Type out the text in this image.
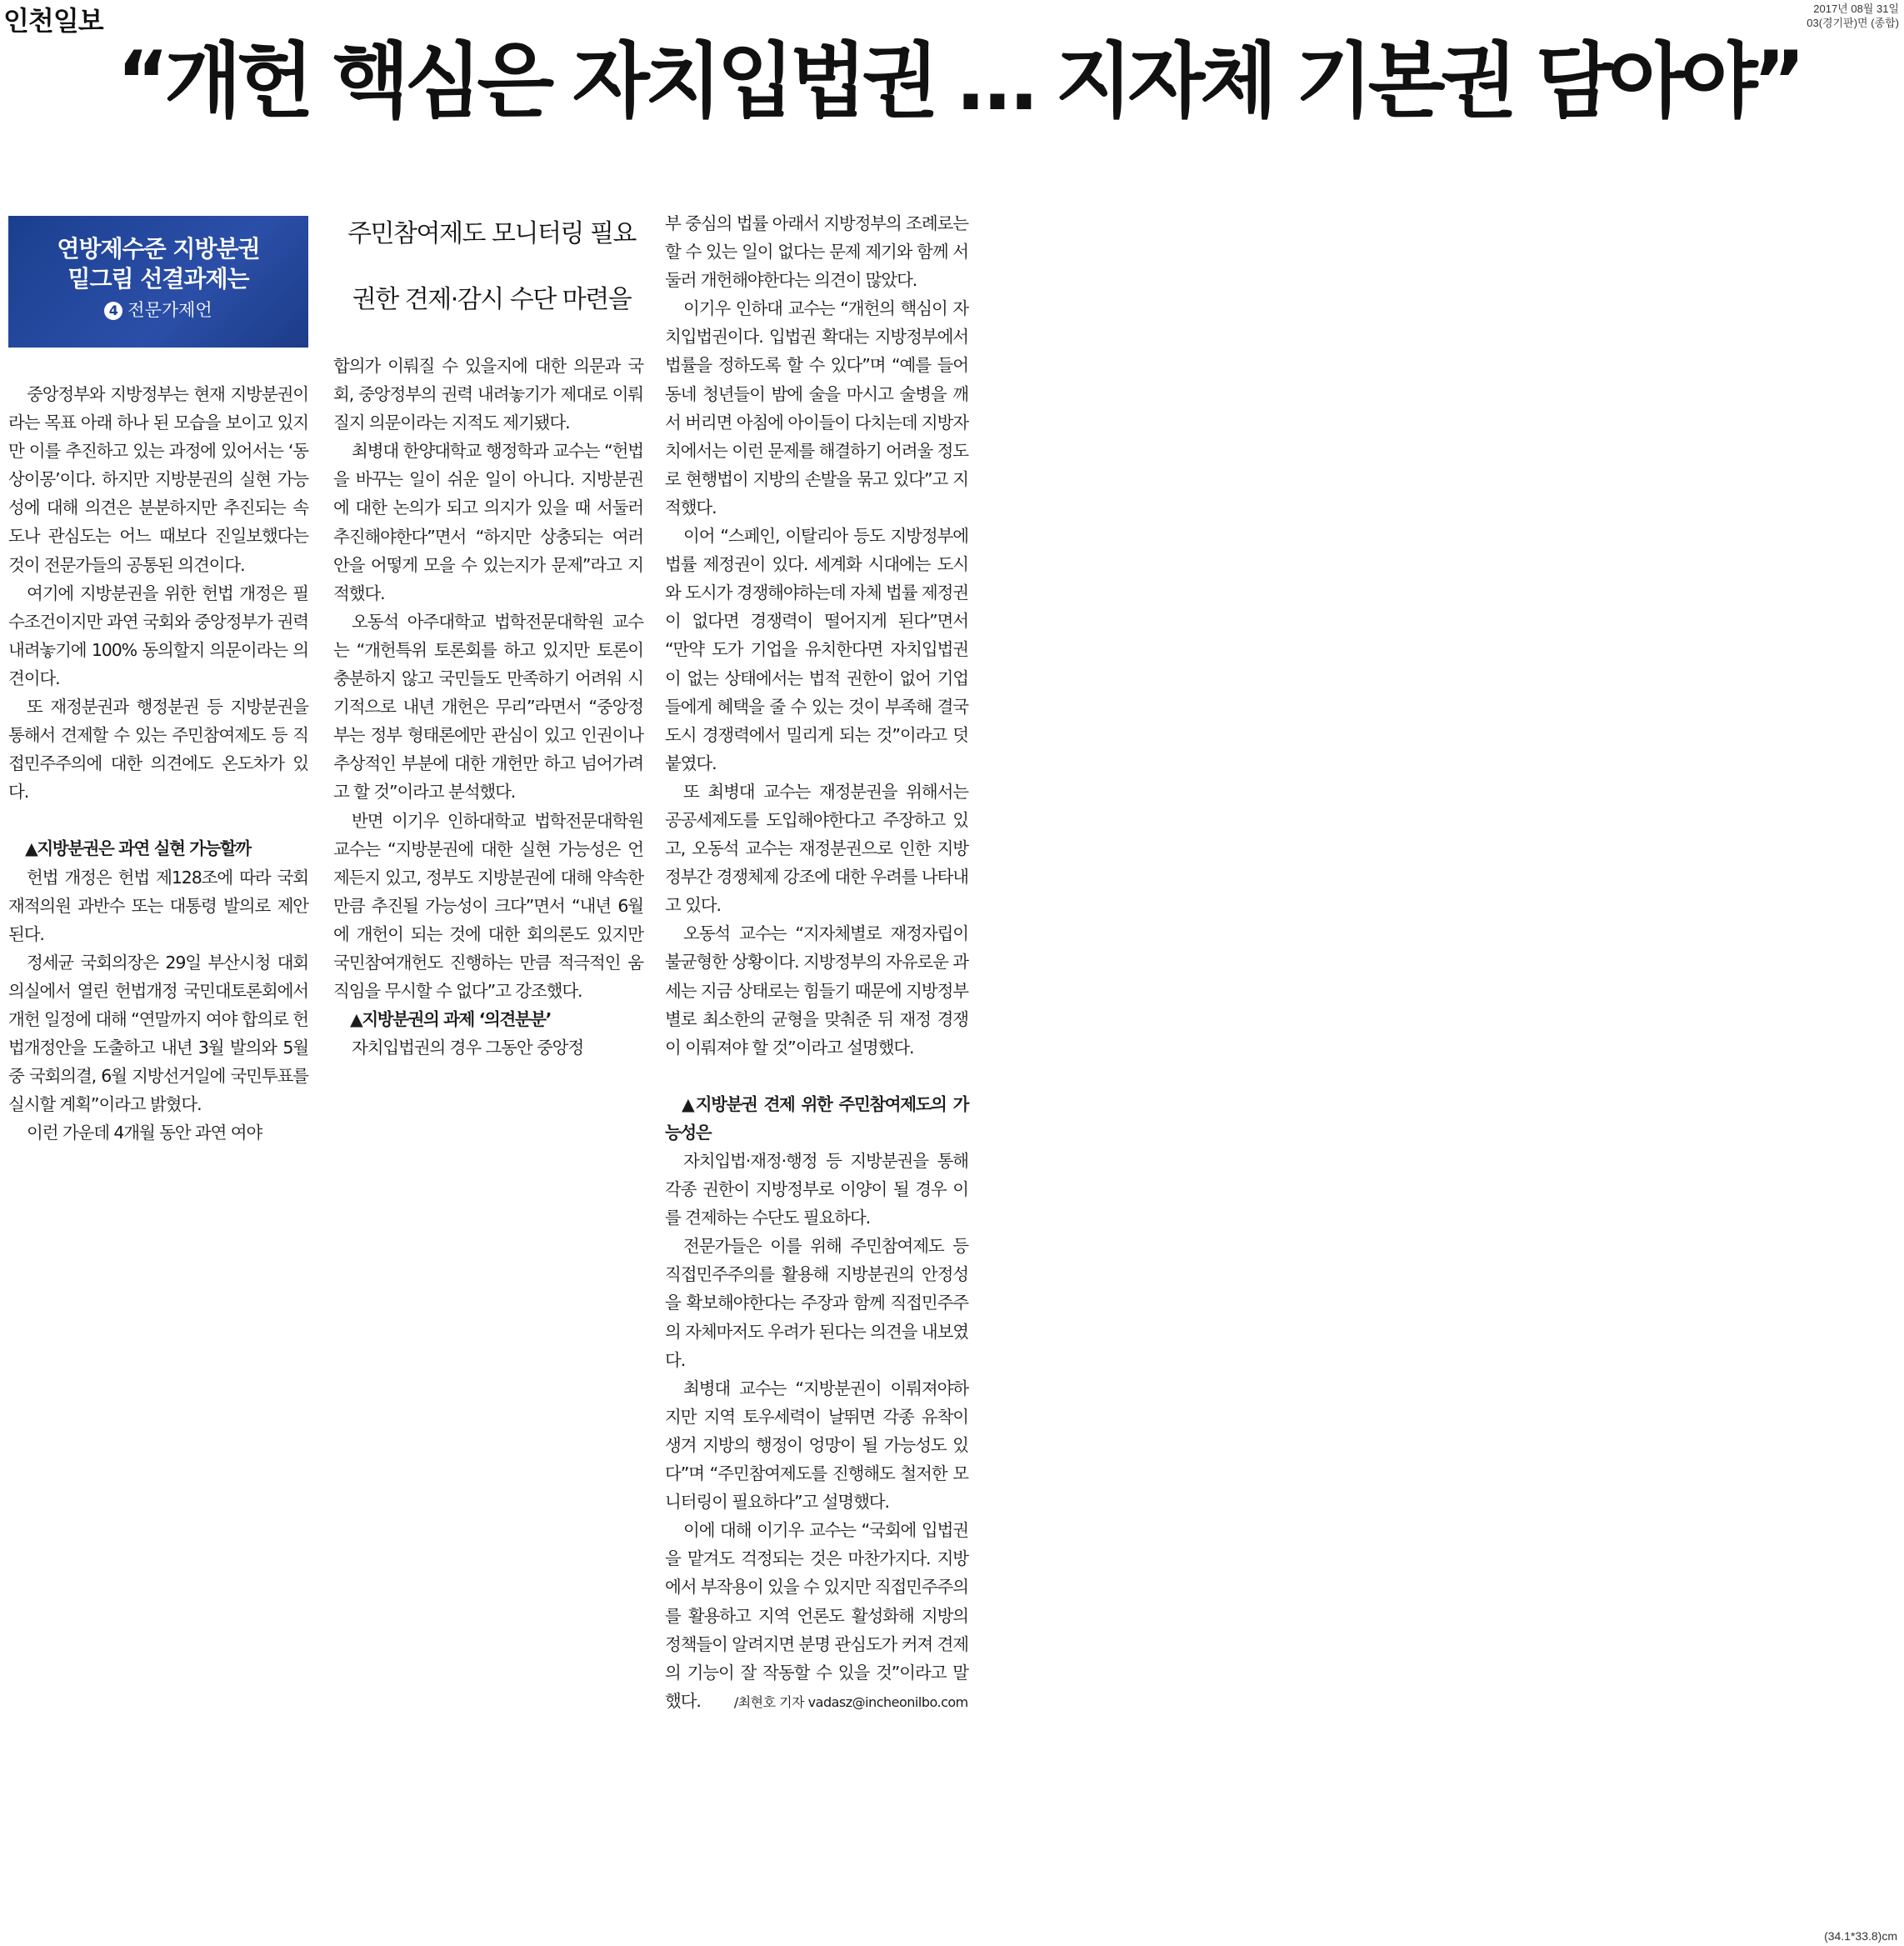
인천일보	2017년 08월 31일
03(경기판)면 (종합)
“개헌 핵심은 자치입법권 … 지자체 기본권 담아야”
연방제수준 지방분권
밑그림 선결과제는
4 전문가제언
주민참여제도 모니터링 필요
권한 견제·감시 수단 마련을

중앙정부와 지방정부는 현재 지방분권이라는 목표 아래 하나 된 모습을 보이고 있지만 이를 추진하고 있는 과정에 있어서는 ‘동상이몽’이다. 하지만 지방분권의 실현 가능성에 대해 의견은 분분하지만 추진되는 속도나 관심도는 어느 때보다 진일보했다는 것이 전문가들의 공통된 의견이다.

여기에 지방분권을 위한 헌법 개정은 필수조건이지만 과연 국회와 중앙정부가 권력 내려놓기에 100% 동의할지 의문이라는 의견이다.

또 재정분권과 행정분권 등 지방분권을 통해서 견제할 수 있는 주민참여제도 등 직접민주주의에 대한 의견에도 온도차가 있다.

▲지방분권은 과연 실현 가능할까

헌법 개정은 헌법 제128조에 따라 국회재적의원 과반수 또는 대통령 발의로 제안된다.

정세균 국회의장은 29일 부산시청 대회의실에서 열린 헌법개정 국민대토론회에서 개헌 일정에 대해 “연말까지 여야 합의로 헌법개정안을 도출하고 내년 3월 발의와 5월 중 국회의결, 6월 지방선거일에 국민투표를 실시할 계획”이라고 밝혔다.

이런 가운데 4개월 동안 과연 여야

합의가 이뤄질 수 있을지에 대한 의문과 국회, 중앙정부의 권력 내려놓기가 제대로 이뤄질지 의문이라는 지적도 제기됐다.

최병대 한양대학교 행정학과 교수는 “헌법을 바꾸는 일이 쉬운 일이 아니다. 지방분권에 대한 논의가 되고 의지가 있을 때 서둘러 추진해야한다”면서 “하지만 상충되는 여러 안을 어떻게 모을 수 있는지가 문제”라고 지적했다.

오동석 아주대학교 법학전문대학원 교수는 “개헌특위 토론회를 하고 있지만 토론이 충분하지 않고 국민들도 만족하기 어려워 시기적으로 내년 개헌은 무리”라면서 “중앙정부는 정부 형태론에만 관심이 있고 인권이나 추상적인 부분에 대한 개헌만 하고 넘어가려고 할 것”이라고 분석했다.

반면 이기우 인하대학교 법학전문대학원 교수는 “지방분권에 대한 실현 가능성은 언제든지 있고, 정부도 지방분권에 대해 약속한 만큼 추진될 가능성이 크다”면서 “내년 6월에 개헌이 되는 것에 대한 회의론도 있지만 국민참여개헌도 진행하는 만큼 적극적인 움직임을 무시할 수 없다”고 강조했다.

▲지방분권의 과제 ‘의견분분’

자치입법권의 경우 그동안 중앙정

부 중심의 법률 아래서 지방정부의 조례로는 할 수 있는 일이 없다는 문제 제기와 함께 서둘러 개헌해야한다는 의견이 많았다.

이기우 인하대 교수는 “개헌의 핵심이 자치입법권이다. 입법권 확대는 지방정부에서 법률을 정하도록 할 수 있다”며 “예를 들어 동네 청년들이 밤에 술을 마시고 술병을 깨서 버리면 아침에 아이들이 다치는데 지방자치에서는 이런 문제를 해결하기 어려울 정도로 현행법이 지방의 손발을 묶고 있다”고 지적했다.

이어 “스페인, 이탈리아 등도 지방정부에 법률 제정권이 있다. 세계화 시대에는 도시와 도시가 경쟁해야하는데 자체 법률 제정권이 없다면 경쟁력이 떨어지게 된다”면서 “만약 도가 기업을 유치한다면 자치입법권이 없는 상태에서는 법적 권한이 없어 기업들에게 혜택을 줄 수 있는 것이 부족해 결국 도시 경쟁력에서 밀리게 되는 것”이라고 덧붙였다.

또 최병대 교수는 재정분권을 위해서는 공공세제도를 도입해야한다고 주장하고 있고, 오동석 교수는 재정분권으로 인한 지방정부간 경쟁체제 강조에 대한 우려를 나타내고 있다.

오동석 교수는 “지자체별로 재정자립이 불균형한 상황이다. 지방정부의 자유로운 과세는 지금 상태로는 힘들기 때문에 지방정부별로 최소한의 균형을 맞춰준 뒤 재정 경쟁이 이뤄져야 할 것”이라고 설명했다.

▲지방분권 견제 위한 주민참여제도의 가능성은

자치입법·재정·행정 등 지방분권을 통해 각종 권한이 지방정부로 이양이 될 경우 이를 견제하는 수단도 필요하다.

전문가들은 이를 위해 주민참여제도 등 직접민주주의를 활용해 지방분권의 안정성을 확보해야한다는 주장과 함께 직접민주주의 자체마저도 우려가 된다는 의견을 내보였다.

최병대 교수는 “지방분권이 이뤄져야하지만 지역 토우세력이 날뛰면 각종 유착이 생겨 지방의 행정이 엉망이 될 가능성도 있다”며 “주민참여제도를 진행해도 철저한 모니터링이 필요하다”고 설명했다.

이에 대해 이기우 교수는 “국회에 입법권을 맡겨도 걱정되는 것은 마찬가지다. 지방에서 부작용이 있을 수 있지만 직접민주주의를 활용하고 지역 언론도 활성화해 지방의 정책들이 알려지면 분명 관심도가 커져 견제의 기능이 잘 작동할 수 있을 것”이라고 말했다.	/최현호 기자 vadasz@incheonilbo.com

(34.1*33.8)cm
